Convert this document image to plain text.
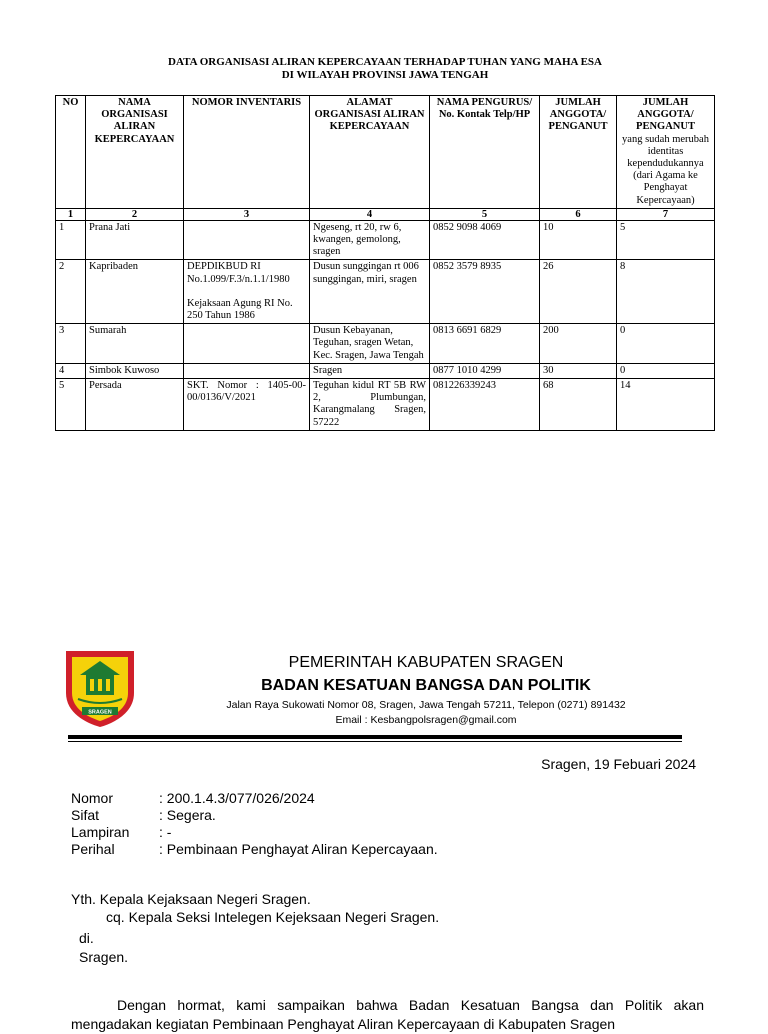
DATA ORGANISASI ALIRAN KEPERCAYAAN TERHADAP TUHAN YANG MAHA ESA
DI WILAYAH PROVINSI JAWA TENGAH
NO	NAMA ORGANISASI ALIRAN KEPERCAYAAN	NOMOR INVENTARIS	ALAMAT ORGANISASI ALIRAN KEPERCAYAAN	NAMA PENGURUS/ No. Kontak Telp/HP	JUMLAH ANGGOTA/ PENGANUT	JUMLAH ANGGOTA/ PENGANUT
yang sudah merubah identitas kependudukannya (dari Agama ke Penghayat Kepercayaan)

1	2	3	4	5	6	7
1	Prana Jati		Ngeseng, rt 20, rw 6, kwangen, gemolong, sragen	0852 9098 4069	10	5
2	Kapribaden	DEPDIKBUD RI No.1.099/F.3/n.1.1/1980
Kejaksaan Agung RI No. 250 Tahun 1986	Dusun sunggingan rt 006 sunggingan, miri, sragen	0852 3579 8935	26	8
3	Sumarah		Dusun Kebayanan, Teguhan, sragen Wetan, Kec. Sragen, Jawa Tengah	0813 6691 6829	200	0
4	Simbok Kuwoso		Sragen	0877 1010 4299	30	0
5	Persada	SKT. Nomor : 1405-00-00/0136/V/2021	Teguhan kidul RT 5B RW 2, Plumbungan, Karangmalang Sragen, 57222	081226339243	68	14
SRAGEN
PEMERINTAH KABUPATEN SRAGEN
BADAN KESATUAN BANGSA DAN POLITIK
Jalan Raya Sukowati Nomor 08, Sragen, Jawa Tengah 57211, Telepon (0271) 891432
Email : Kesbangpolsragen@gmail.com
Sragen, 19 Febuari 2024
Nomor	: 200.1.4.3/077/026/2024
Sifat	: Segera.
Lampiran : -
Perihal	: Pembinaan Penghayat Aliran Kepercayaan.
Yth. Kepala Kejaksaan Negeri Sragen.
cq. Kepala Seksi Intelegen Kejeksaan Negeri Sragen.
di.
Sragen.
Dengan hormat, kami sampaikan bahwa Badan Kesatuan Bangsa dan Politik akan mengadakan kegiatan Pembinaan Penghayat Aliran Kepercayaan di Kabupaten Sragen
